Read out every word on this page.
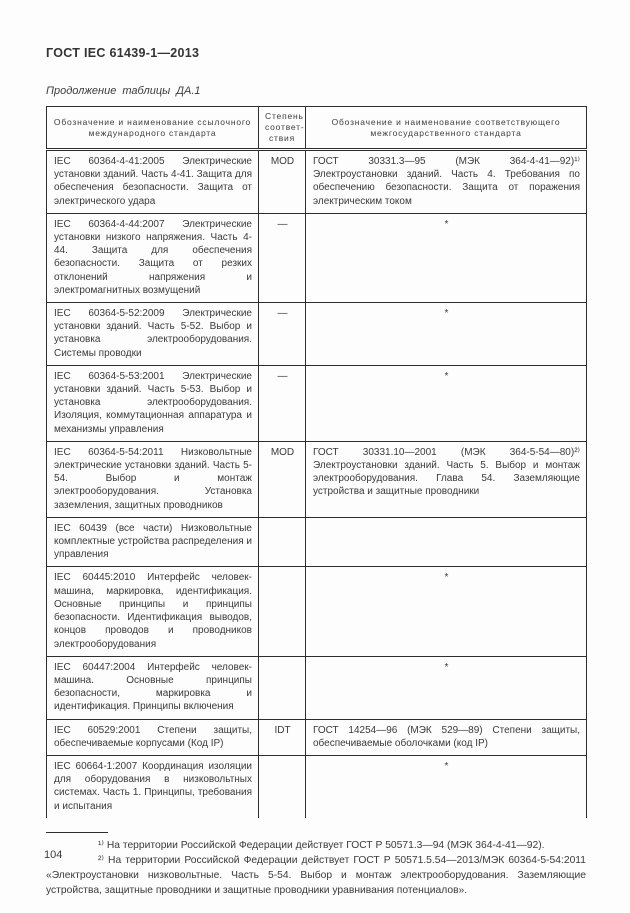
ГОСТ IEC 61439-1—2013
Продолжение таблицы ДА.1
Обозначение и наименование ссылочного международного стандарта	Степень соответ- ствия	Обозначение и наименование соответствующего межгосударственного стандарта
IEC 60364-4-41:2005 Электрические установки зданий. Часть 4-41. Защита для обеспечения безопасности. Защита от электрического удара	MOD	ГОСТ 30331.3—95 (МЭК 364-4-41—92)¹⁾ Электроустановки зданий. Часть 4. Требования по обеспечению безопасности. Защита от поражения электрическим током
IEC 60364-4-44:2007 Электрические установки низкого напряжения. Часть 4-44. Защита для обеспечения безопасности. Защита от резких отклонений напряжения и электромагнитных возмущений	—	*
IEC 60364-5-52:2009 Электрические установки зданий. Часть 5-52. Выбор и установка электрооборудования. Системы проводки	—	*
IEC 60364-5-53:2001 Электрические установки зданий. Часть 5-53. Выбор и установка электрооборудования. Изоляция, коммутационная аппаратура и механизмы управления	—	*
IEC 60364-5-54:2011 Низковольтные электрические установки зданий. Часть 5-54. Выбор и монтаж электрооборудования. Установка заземления, защитных проводников	MOD	ГОСТ 30331.10—2001 (МЭК 364-5-54—80)²⁾ Электроустановки зданий. Часть 5. Выбор и монтаж электрооборудования. Глава 54. Заземляющие устройства и защитные проводники
IEC 60439 (все части) Низковольтные комплектные устройства распределения и управления		
IEC 60445:2010 Интерфейс человек-машина, маркировка, идентификация. Основные принципы и принципы безопасности. Идентификация выводов, концов проводов и проводников электрооборудования		*
IEC 60447:2004 Интерфейс человек-машина. Основные принципы безопасности, маркировка и идентификация. Принципы включения		*
IEC 60529:2001 Степени защиты, обеспечиваемые корпусами (Код IP)	IDT	ГОСТ 14254—96 (МЭК 529—89) Степени защиты, обеспечиваемые оболочками (код IP)
IEC 60664-1:2007 Координация изоляции для оборудования в низковольтных системах. Часть 1. Принципы, требования и испытания		*

¹⁾ На территории Российской Федерации действует ГОСТ Р 50571.3—94 (МЭК 364-4-41—92).

²⁾ На территории Российской Федерации действует ГОСТ Р 50571.5.54—2013/МЭК 60364-5-54:2011 «Электроустановки низковольтные. Часть 5-54. Выбор и монтаж электрооборудования. Заземляющие устройства, защитные проводники и защитные проводники уравнивания потенциалов».

104
